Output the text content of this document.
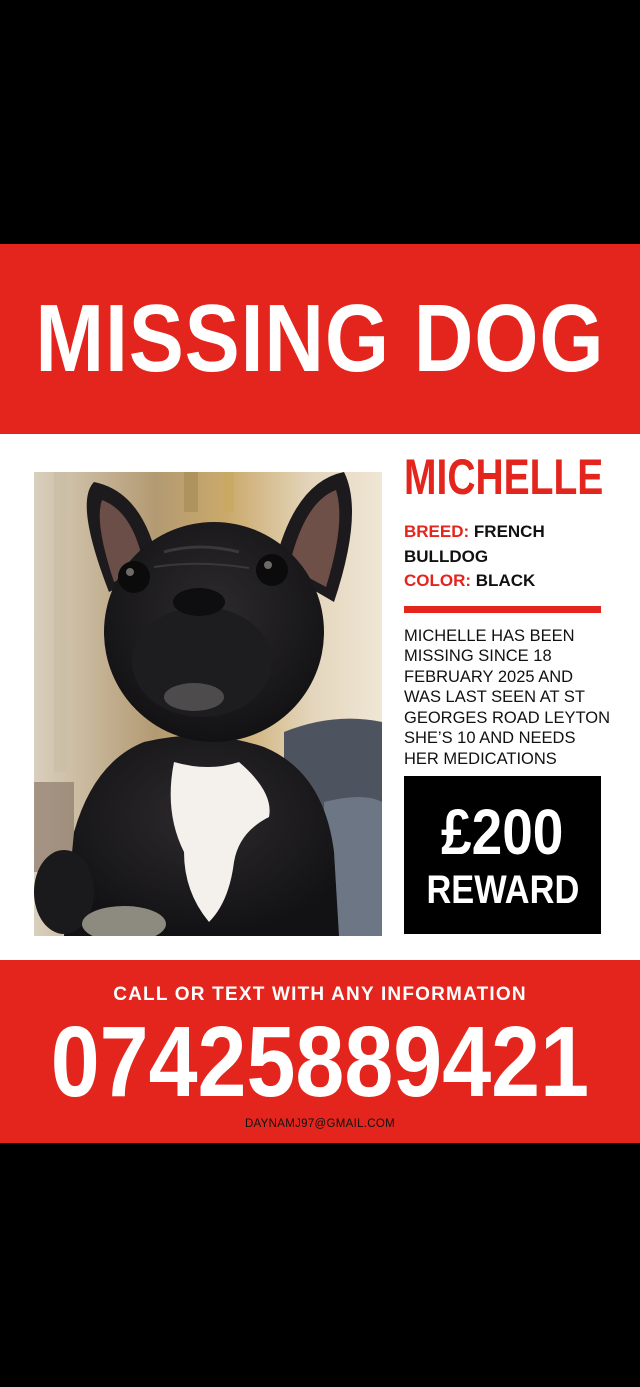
MISSING DOG
MICHELLE
BREED: FRENCH
BULLDOG
COLOR: BLACK
MICHELLE HAS BEEN
MISSING SINCE 18
FEBRUARY 2025 AND
WAS LAST SEEN AT ST
GEORGES ROAD LEYTON
SHE’S 10 AND NEEDS
HER MEDICATIONS
£200
REWARD
CALL OR TEXT WITH ANY INFORMATION
07425889421
DAYNAMJ97@GMAIL.COM
